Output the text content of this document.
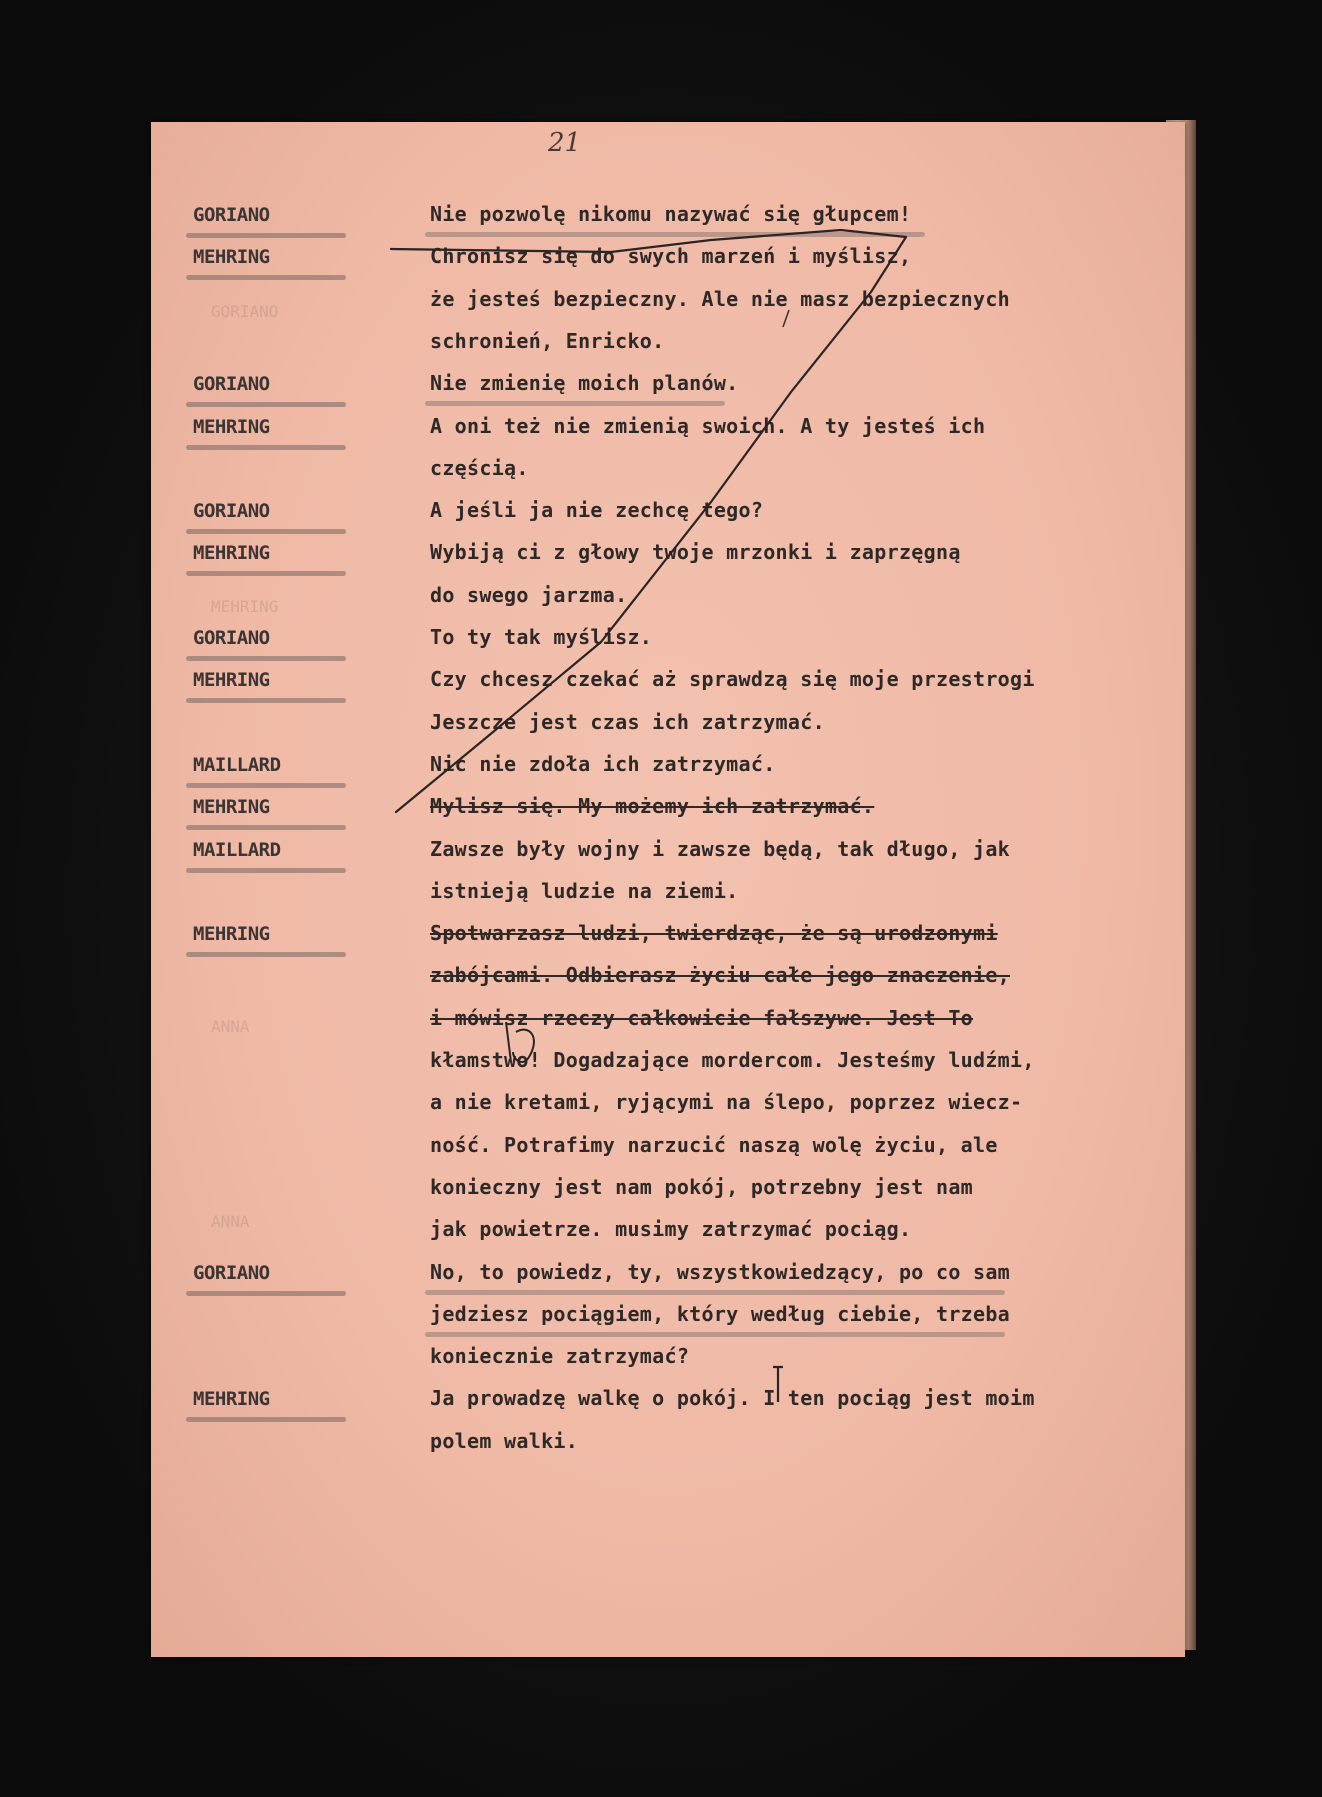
21
GORIANO
MEHRING
ANNA
ANNA
GORIANO	Nie pozwolę nikomu nazywać się głupcem!
MEHRING	Chronisz się do swych marzeń i myślisz,
że jesteś bezpieczny. Ale nie masz bezpiecznych
schronień, Enricko.
GORIANO	Nie zmienię moich planów.
MEHRING	A oni też nie zmienią swoich. A ty jesteś ich
częścią.
GORIANO	A jeśli ja nie zechcę tego?
MEHRING	Wybiją ci z głowy twoje mrzonki i zaprzęgną
do swego jarzma.
GORIANO	To ty tak myślisz.
MEHRING	Czy chcesz czekać aż sprawdzą się moje przestrogi
Jeszcze jest czas ich zatrzymać.
MAILLARD	Nic nie zdoła ich zatrzymać.
MEHRING	Mylisz się. My możemy ich zatrzymać.
MAILLARD	Zawsze były wojny i zawsze będą, tak długo, jak
istnieją ludzie na ziemi.
MEHRING	Spotwarzasz ludzi, twierdząc, że są urodzonymi
zabójcami. Odbierasz życiu całe jego znaczenie,
i mówisz rzeczy całkowicie fałszywe. Jest To
kłamstwo! Dogadzające mordercom. Jesteśmy ludźmi,
a nie kretami, ryjącymi na ślepo, poprzez wiecz-
ność. Potrafimy narzucić naszą wolę życiu, ale
konieczny jest nam pokój, potrzebny jest nam
jak powietrze. musimy zatrzymać pociąg.
GORIANO	No, to powiedz, ty, wszystkowiedzący, po co sam
jedziesz pociągiem, który według ciebie, trzeba
koniecznie zatrzymać?
MEHRING	Ja prowadzę walkę o pokój. I ten pociąg jest moim
polem walki.
